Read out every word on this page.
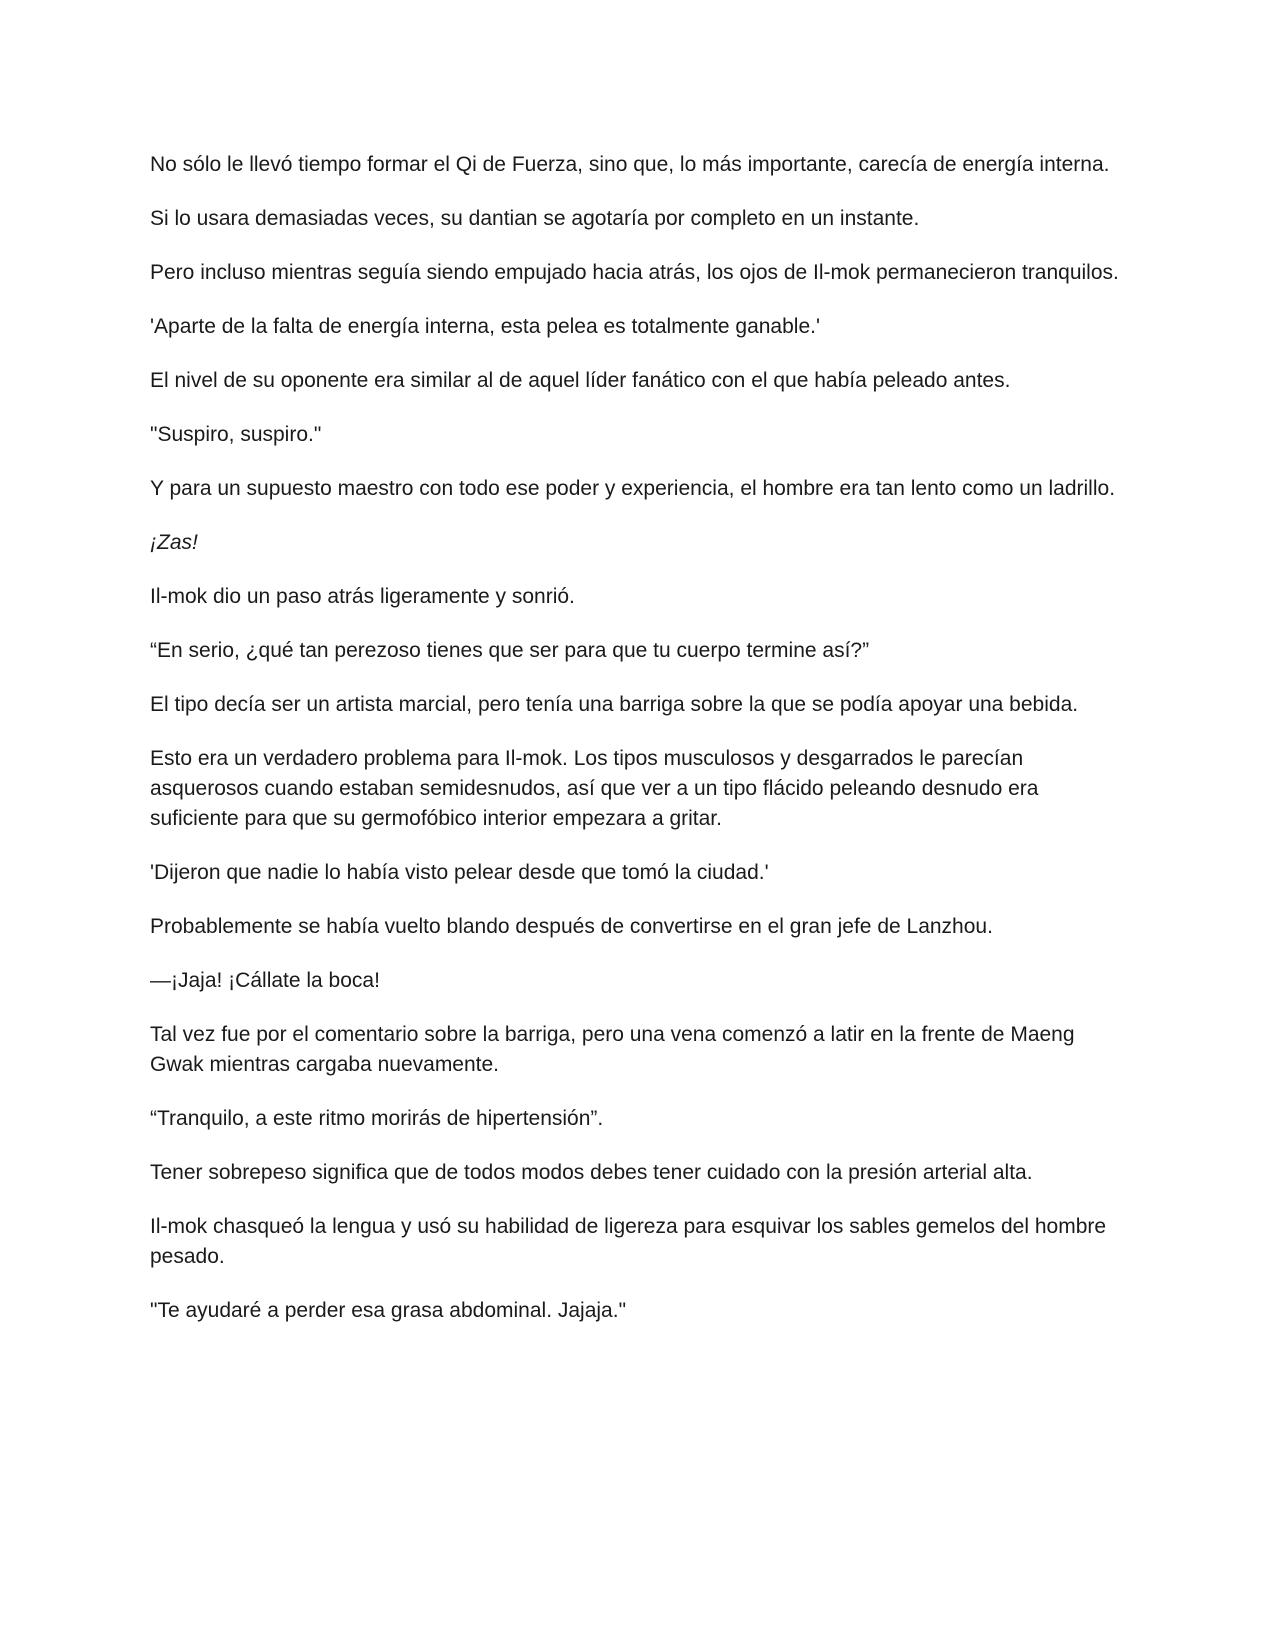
No sólo le llevó tiempo formar el Qi de Fuerza, sino que, lo más importante, carecía de energía interna.

Si lo usara demasiadas veces, su dantian se agotaría por completo en un instante.

Pero incluso mientras seguía siendo empujado hacia atrás, los ojos de Il-mok permanecieron tranquilos.

'Aparte de la falta de energía interna, esta pelea es totalmente ganable.'

El nivel de su oponente era similar al de aquel líder fanático con el que había peleado antes.

"Suspiro, suspiro."

Y para un supuesto maestro con todo ese poder y experiencia, el hombre era tan lento como un ladrillo.

¡Zas!

Il-mok dio un paso atrás ligeramente y sonrió.

“En serio, ¿qué tan perezoso tienes que ser para que tu cuerpo termine así?”

El tipo decía ser un artista marcial, pero tenía una barriga sobre la que se podía apoyar una bebida.

Esto era un verdadero problema para Il-mok. Los tipos musculosos y desgarrados le parecían asquerosos cuando estaban semidesnudos, así que ver a un tipo flácido peleando desnudo era suficiente para que su germofóbico interior empezara a gritar.

'Dijeron que nadie lo había visto pelear desde que tomó la ciudad.'

Probablemente se había vuelto blando después de convertirse en el gran jefe de Lanzhou.

—¡Jaja! ¡Cállate la boca!

Tal vez fue por el comentario sobre la barriga, pero una vena comenzó a latir en la frente de Maeng Gwak mientras cargaba nuevamente.

“Tranquilo, a este ritmo morirás de hipertensión”.

Tener sobrepeso significa que de todos modos debes tener cuidado con la presión arterial alta.

Il-mok chasqueó la lengua y usó su habilidad de ligereza para esquivar los sables gemelos del hombre pesado.

"Te ayudaré a perder esa grasa abdominal. Jajaja."
